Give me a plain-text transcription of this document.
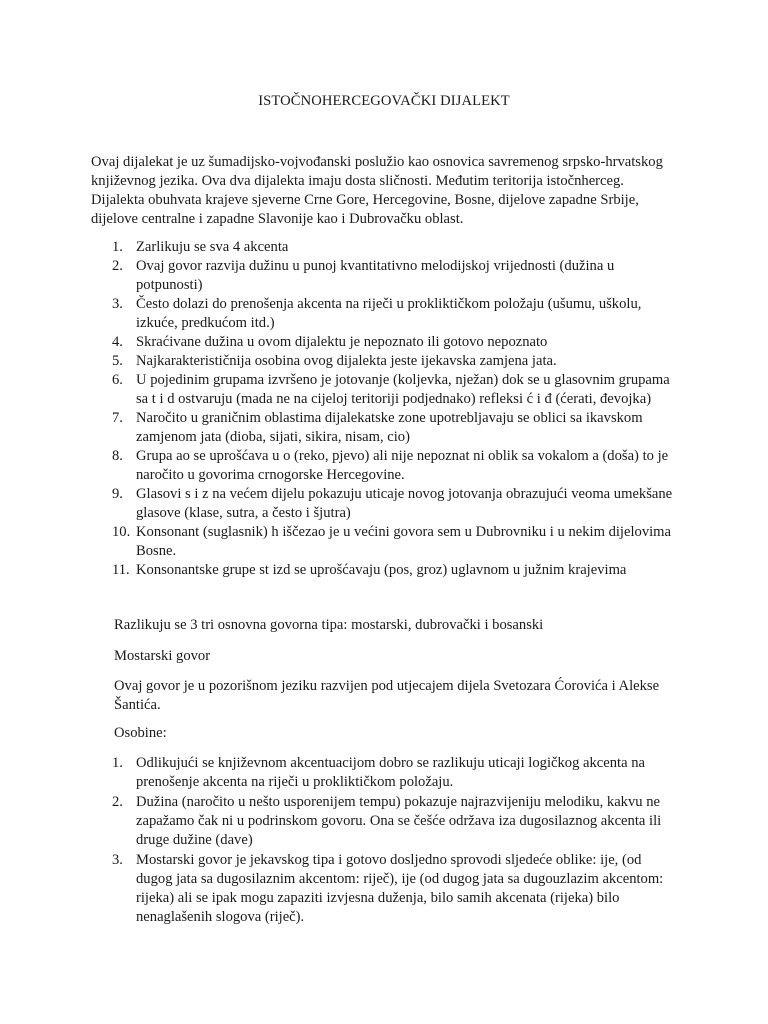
ISTOČNOHERCEGOVAČKI DIJALEKT
Ovaj dijalekat je uz šumadijsko-vojvođanski poslužio kao osnovica savremenog srpsko-hrvatskog književnog jezika. Ova dva dijalekta imaju dosta sličnosti. Međutim teritorija istočnherceg. Dijalekta obuhvata krajeve sjeverne Crne Gore, Hercegovine, Bosne, dijelove zapadne Srbije, dijelove centralne i zapadne Slavonije kao i Dubrovačku oblast.
1. Zarlikuju se sva 4 akcenta
2. Ovaj govor razvija dužinu u punoj kvantitativno melodijskoj vrijednosti (dužina u potpunosti)
3. Često dolazi do prenošenja akcenta na riječi u prokliktičkom položaju (ušumu, uškolu, izkuće, predkućom itd.)
4. Skraćivane dužina u ovom dijalektu je nepoznato ili gotovo nepoznato
5. Najkarakterističnija osobina ovog dijalekta jeste ijekavska zamjena jata.
6. U pojedinim grupama izvršeno je jotovanje (koljevka, nježan) dok se u glasovnim grupama sa t i d ostvaruju (mada ne na cijeloj teritoriji podjednako) refleksi ć i đ (ćerati, đevojka)
7. Naročito u graničnim oblastima dijalekatske zone upotrebljavaju se oblici sa ikavskom zamjenom jata (dioba, sijati, sikira, nisam, cio)
8. Grupa ao se uprošćava u o (reko, pjevo) ali nije nepoznat ni oblik sa vokalom a (doša) to je naročito u govorima crnogorske Hercegovine.
9. Glasovi s i z na većem dijelu pokazuju uticaje novog jotovanja obrazujući veoma umekšane glasove (klase, sutra, a često i šjutra)
10. Konsonant (suglasnik) h iščezao je u većini govora sem u Dubrovniku i u nekim dijelovima Bosne.
11. Konsonantske grupe st izd se uprošćavaju (pos, groz) uglavnom u južnim krajevima
Razlikuju se 3 tri osnovna govorna tipa: mostarski, dubrovački i bosanski
Mostarski govor
Ovaj govor je u pozorišnom jeziku razvijen pod utjecajem dijela Svetozara Ćorovića i Alekse Šantića.
Osobine:
1. Odlikujući se književnom akcentuacijom dobro se razlikuju uticaji logičkog akcenta na prenošenje akcenta na riječi u prokliktičkom položaju.
2. Dužina (naročito u nešto usporenijem tempu) pokazuje najrazvijeniju melodiku, kakvu ne zapažamo čak ni u podrinskom govoru. Ona se češće održava iza dugosilaznog akcenta ili druge dužine (dave)
3. Mostarski govor je jekavskog tipa i gotovo dosljedno sprovodi sljedeće oblike: ije, (od dugog jata sa dugosilaznim akcentom: riječ), ije (od dugog jata sa dugouzlazim akcentom: rijeka) ali se ipak mogu zapaziti izvjesna duženja, bilo samih akcenata (rijeka) bilo nenaglašenih slogova (riječ).
